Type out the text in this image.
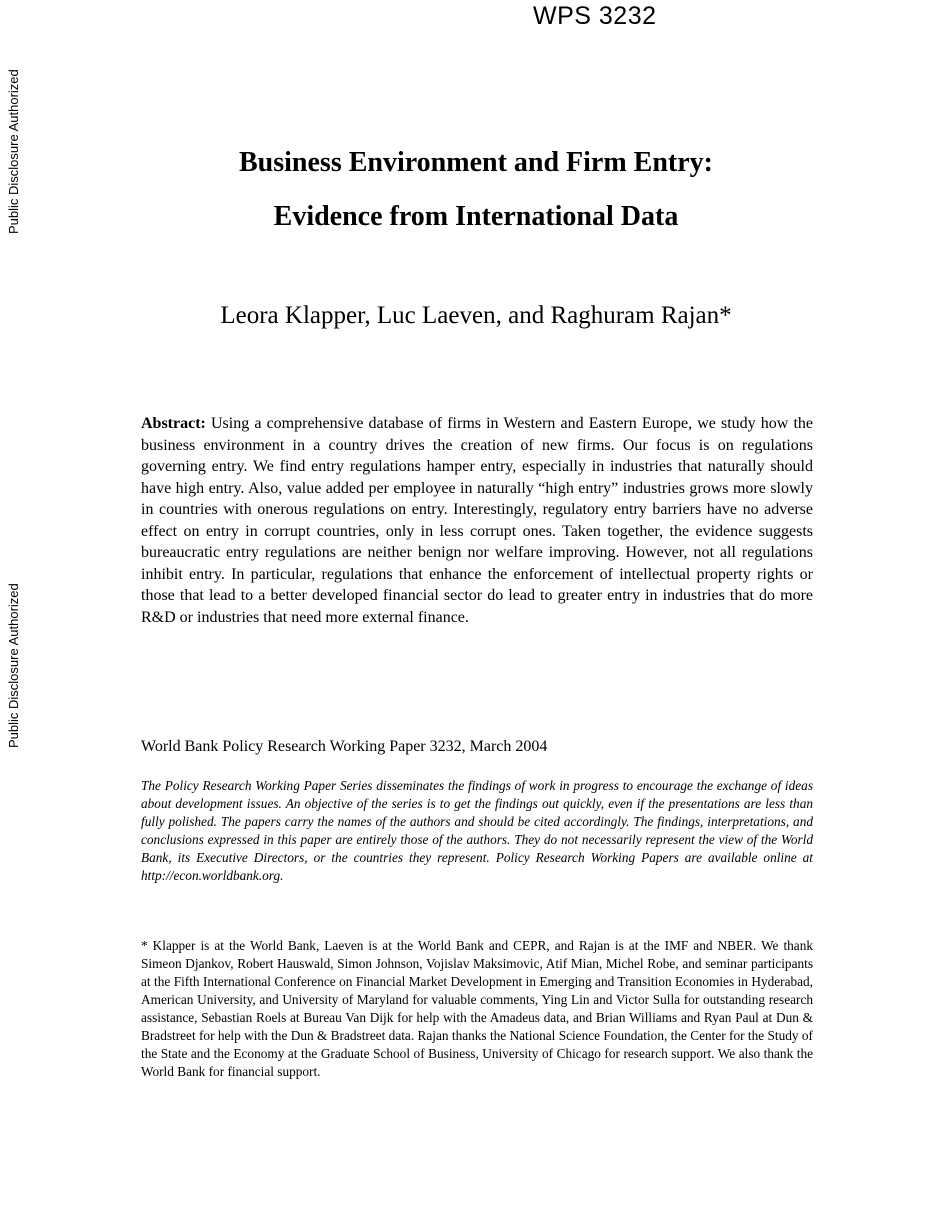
WPS 3232
Public Disclosure Authorized
Public Disclosure Authorized
Business Environment and Firm Entry:
Evidence from International Data
Leora Klapper, Luc Laeven, and Raghuram Rajan*
Abstract: Using a comprehensive database of firms in Western and Eastern Europe, we study how the business environment in a country drives the creation of new firms. Our focus is on regulations governing entry. We find entry regulations hamper entry, especially in industries that naturally should have high entry. Also, value added per employee in naturally “high entry” industries grows more slowly in countries with onerous regulations on entry. Interestingly, regulatory entry barriers have no adverse effect on entry in corrupt countries, only in less corrupt ones. Taken together, the evidence suggests bureaucratic entry regulations are neither benign nor welfare improving. However, not all regulations inhibit entry. In particular, regulations that enhance the enforcement of intellectual property rights or those that lead to a better developed financial sector do lead to greater entry in industries that do more R&D or industries that need more external finance.
World Bank Policy Research Working Paper 3232, March 2004
The Policy Research Working Paper Series disseminates the findings of work in progress to encourage the exchange of ideas about development issues. An objective of the series is to get the findings out quickly, even if the presentations are less than fully polished. The papers carry the names of the authors and should be cited accordingly. The findings, interpretations, and conclusions expressed in this paper are entirely those of the authors. They do not necessarily represent the view of the World Bank, its Executive Directors, or the countries they represent. Policy Research Working Papers are available online at http://econ.worldbank.org.
* Klapper is at the World Bank, Laeven is at the World Bank and CEPR, and Rajan is at the IMF and NBER. We thank Simeon Djankov, Robert Hauswald, Simon Johnson, Vojislav Maksimovic, Atif Mian, Michel Robe, and seminar participants at the Fifth International Conference on Financial Market Development in Emerging and Transition Economies in Hyderabad, American University, and University of Maryland for valuable comments, Ying Lin and Victor Sulla for outstanding research assistance, Sebastian Roels at Bureau Van Dijk for help with the Amadeus data, and Brian Williams and Ryan Paul at Dun & Bradstreet for help with the Dun & Bradstreet data. Rajan thanks the National Science Foundation, the Center for the Study of the State and the Economy at the Graduate School of Business, University of Chicago for research support. We also thank the World Bank for financial support.
